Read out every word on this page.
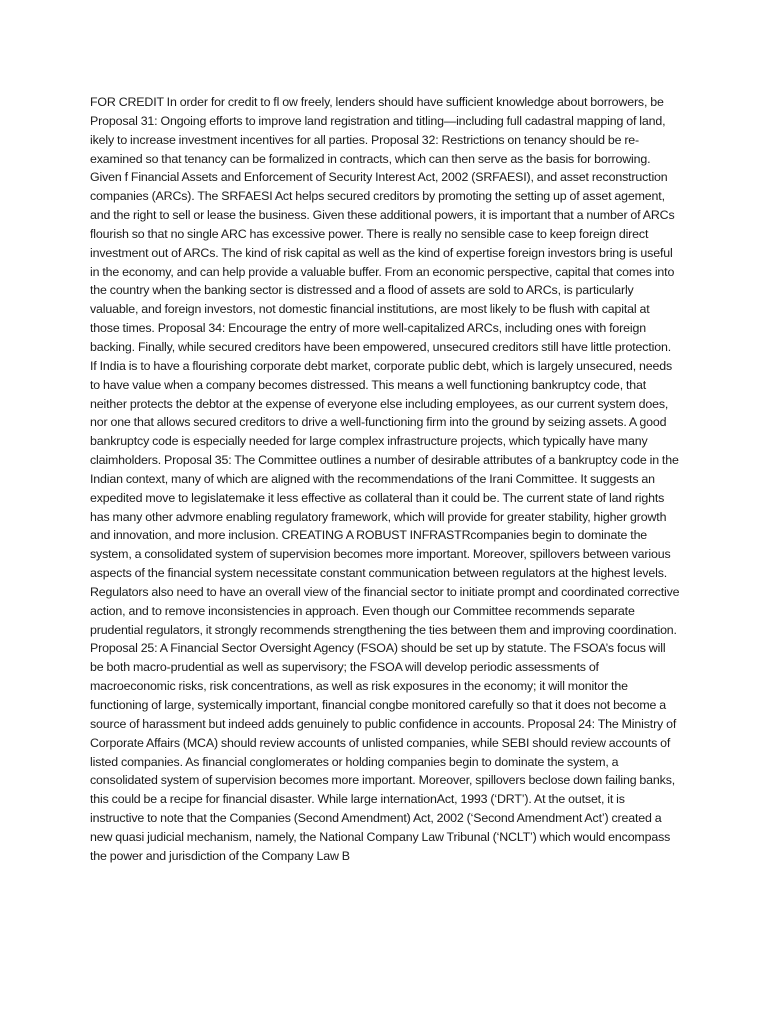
FOR CREDIT In order for credit to fl ow freely, lenders should have sufficient knowledge about borrowers, be Proposal 31: Ongoing efforts to improve land registration and titling—including full cadastral mapping of land, ikely to increase investment incentives for all parties. Proposal 32: Restrictions on tenancy should be re-examined so that tenancy can be formalized in contracts, which can then serve as the basis for borrowing. Given f Financial Assets and Enforcement of Security Interest Act, 2002 (SRFAESI), and asset reconstruction companies (ARCs). The SRFAESI Act helps secured creditors by promoting the setting up of asset agement, and the right to sell or lease the business. Given these additional powers, it is important that a number of ARCs flourish so that no single ARC has excessive power. There is really no sensible case to keep foreign direct investment out of ARCs. The kind of risk capital as well as the kind of expertise foreign investors bring is useful in the economy, and can help provide a valuable buffer. From an economic perspective, capital that comes into the country when the banking sector is distressed and a flood of assets are sold to ARCs, is particularly valuable, and foreign investors, not domestic financial institutions, are most likely to be flush with capital at those times. Proposal 34: Encourage the entry of more well-capitalized ARCs, including ones with foreign backing. Finally, while secured creditors have been empowered, unsecured creditors still have little protection. If India is to have a flourishing corporate debt market, corporate public debt, which is largely unsecured, needs to have value when a company becomes distressed. This means a well functioning bankruptcy code, that neither protects the debtor at the expense of everyone else including employees, as our current system does, nor one that allows secured creditors to drive a well-functioning firm into the ground by seizing assets. A good bankruptcy code is especially needed for large complex infrastructure projects, which typically have many claimholders. Proposal 35: The Committee outlines a number of desirable attributes of a bankruptcy code in the Indian context, many of which are aligned with the recommendations of the Irani Committee. It suggests an expedited move to legislatemake it less effective as collateral than it could be. The current state of land rights has many other advmore enabling regulatory framework, which will provide for greater stability, higher growth and innovation, and more inclusion. CREATING A ROBUST INFRASTRcompanies begin to dominate the system, a consolidated system of supervision becomes more important. Moreover, spillovers between various aspects of the financial system necessitate constant communication between regulators at the highest levels. Regulators also need to have an overall view of the financial sector to initiate prompt and coordinated corrective action, and to remove inconsistencies in approach. Even though our Committee recommends separate prudential regulators, it strongly recommends strengthening the ties between them and improving coordination. Proposal 25: A Financial Sector Oversight Agency (FSOA) should be set up by statute. The FSOA’s focus will be both macro-prudential as well as supervisory; the FSOA will develop periodic assessments of macroeconomic risks, risk concentrations, as well as risk exposures in the economy; it will monitor the functioning of large, systemically important, financial congbe monitored carefully so that it does not become a source of harassment but indeed adds genuinely to public confidence in accounts. Proposal 24: The Ministry of Corporate Affairs (MCA) should review accounts of unlisted companies, while SEBI should review accounts of listed companies. As financial conglomerates or holding companies begin to dominate the system, a consolidated system of supervision becomes more important. Moreover, spillovers beclose down failing banks, this could be a recipe for financial disaster. While large internationAct, 1993 (‘DRT’). At the outset, it is instructive to note that the Companies (Second Amendment) Act, 2002 (‘Second Amendment Act’) created a new quasi judicial mechanism, namely, the National Company Law Tribunal (‘NCLT’) which would encompass the power and jurisdiction of the Company Law B
